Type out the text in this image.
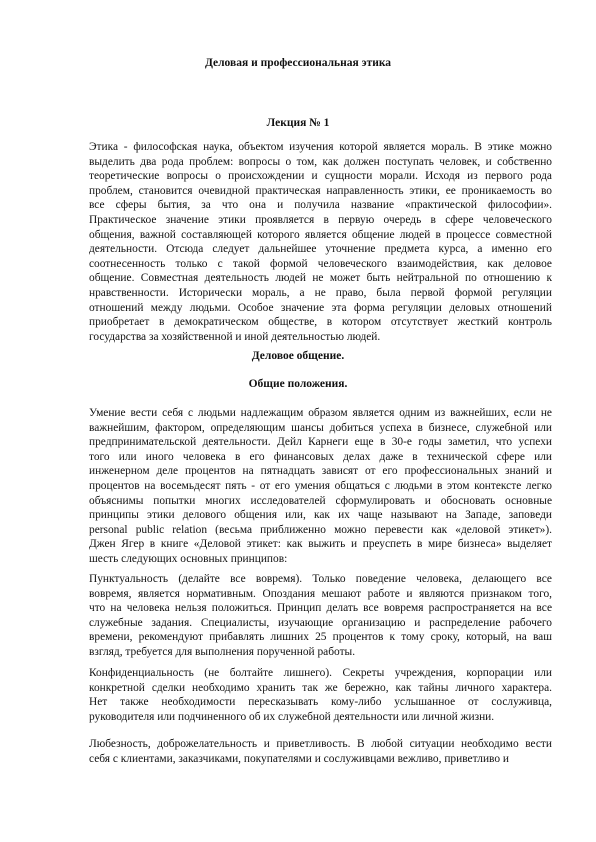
Деловая и профессиональная этика
Лекция № 1
Этика - философская наука, объектом изучения которой является мораль. В этике можно
выделить два рода проблем: вопросы о том, как должен поступать человек, и собственно
теоретические вопросы о происхождении и сущности морали. Исходя из первого рода
проблем, становится очевидной практическая направленность этики, ее проникаемость во
все сферы бытия, за что она и получила название «практической философии».
Практическое значение этики проявляется в первую очередь в сфере человеческого
общения, важной составляющей которого является общение людей в процессе совместной
деятельности. Отсюда следует дальнейшее уточнение предмета курса, а именно его
соотнесенность только с такой формой человеческого взаимодействия, как деловое
общение. Совместная деятельность людей не может быть нейтральной по отношению к
нравственности. Исторически мораль, а не право, была первой формой регуляции
отношений между людьми. Особое значение эта форма регуляции деловых отношений
приобретает в демократическом обществе, в котором отсутствует жесткий контроль
государства за хозяйственной и иной деятельностью людей.
Деловое общение.
Общие положения.
Умение вести себя с людьми надлежащим образом является одним из важнейших, если не
важнейшим, фактором, определяющим шансы добиться успеха в бизнесе, служебной или
предпринимательской деятельности. Дейл Карнеги еще в 30-е годы заметил, что успехи
того или иного человека в его финансовых делах даже в технической сфере или
инженерном деле процентов на пятнадцать зависят от его профессиональных знаний и
процентов на восемьдесят пять - от его умения общаться с людьми в этом контексте легко
объяснимы попытки многих исследователей сформулировать и обосновать основные
принципы этики делового общения или, как их чаще называют на Западе, заповеди
personal public relation (весьма приближенно можно перевести как «деловой этикет»).
Джен Ягер в книге «Деловой этикет: как выжить и преуспеть в мире бизнеса» выделяет
шесть следующих основных принципов:
Пунктуальность (делайте все вовремя). Только поведение человека, делающего все
вовремя, является нормативным. Опоздания мешают работе и являются признаком того,
что на человека нельзя положиться. Принцип делать все вовремя распространяется на все
служебные задания. Специалисты, изучающие организацию и распределение рабочего
времени, рекомендуют прибавлять лишних 25 процентов к тому сроку, который, на ваш
взгляд, требуется для выполнения порученной работы.
Конфиденциальность (не болтайте лишнего). Секреты учреждения, корпорации или
конкретной сделки необходимо хранить так же бережно, как тайны личного характера.
Нет также необходимости пересказывать кому-либо услышанное от сослуживца,
руководителя или подчиненного об их служебной деятельности или личной жизни.
Любезность, доброжелательность и приветливость. В любой ситуации необходимо вести
себя с клиентами, заказчиками, покупателями и сослуживцами вежливо, приветливо и
